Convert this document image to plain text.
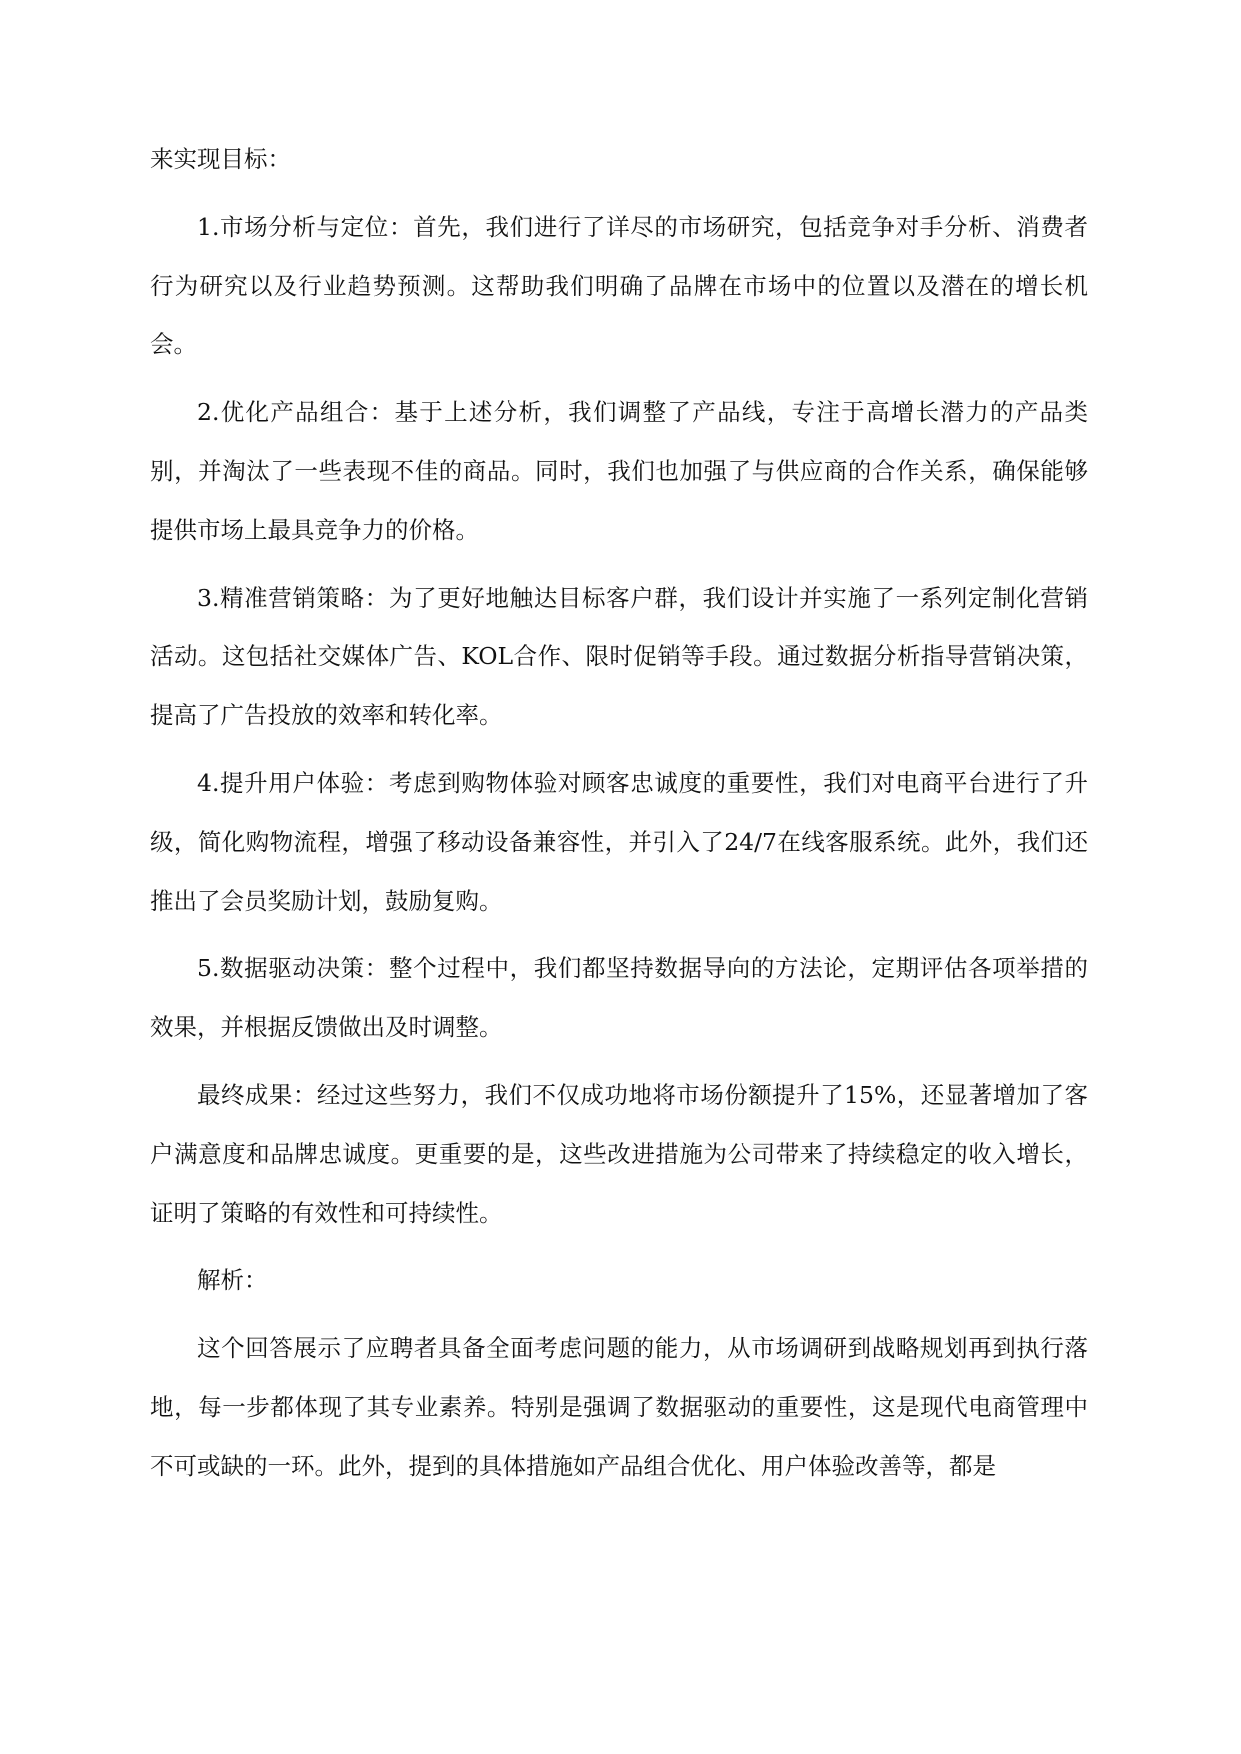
来实现目标：

1.市场分析与定位：首先，我们进行了详尽的市场研究，包括竞争对手分析、消费者行为研究以及行业趋势预测。这帮助我们明确了品牌在市场中的位置以及潜在的增长机会。

2.优化产品组合：基于上述分析，我们调整了产品线，专注于高增长潜力的产品类别，并淘汰了一些表现不佳的商品。同时，我们也加强了与供应商的合作关系，确保能够提供市场上最具竞争力的价格。

3.精准营销策略：为了更好地触达目标客户群，我们设计并实施了一系列定制化营销活动。这包括社交媒体广告、KOL合作、限时促销等手段。通过数据分析指导营销决策，提高了广告投放的效率和转化率。

4.提升用户体验：考虑到购物体验对顾客忠诚度的重要性，我们对电商平台进行了升级，简化购物流程，增强了移动设备兼容性，并引入了24/7在线客服系统。此外，我们还推出了会员奖励计划，鼓励复购。

5.数据驱动决策：整个过程中，我们都坚持数据导向的方法论，定期评估各项举措的效果，并根据反馈做出及时调整。

最终成果：经过这些努力，我们不仅成功地将市场份额提升了15%，还显著增加了客户满意度和品牌忠诚度。更重要的是，这些改进措施为公司带来了持续稳定的收入增长，证明了策略的有效性和可持续性。

解析：

这个回答展示了应聘者具备全面考虑问题的能力，从市场调研到战略规划再到执行落地，每一步都体现了其专业素养。特别是强调了数据驱动的重要性，这是现代电商管理中不可或缺的一环。此外，提到的具体措施如产品组合优化、用户体验改善等，都是
